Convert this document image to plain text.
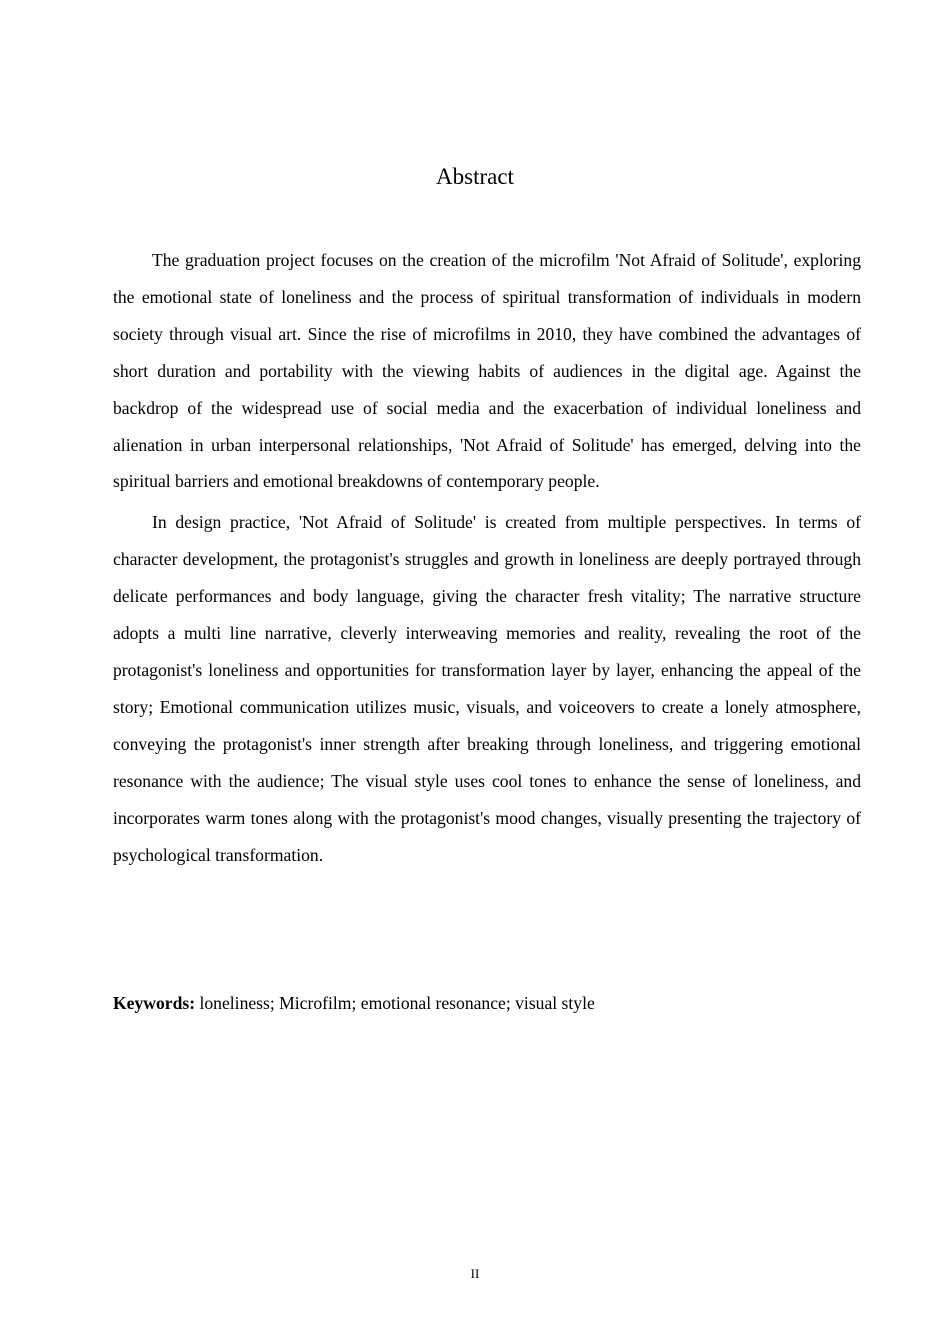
Abstract

The graduation project focuses on the creation of the microfilm 'Not Afraid of Solitude', exploring the emotional state of loneliness and the process of spiritual transformation of individuals in modern society through visual art. Since the rise of microfilms in 2010, they have combined the advantages of short duration and portability with the viewing habits of audiences in the digital age. Against the backdrop of the widespread use of social media and the exacerbation of individual loneliness and alienation in urban interpersonal relationships, 'Not Afraid of Solitude' has emerged, delving into the spiritual barriers and emotional breakdowns of contemporary people.

In design practice, 'Not Afraid of Solitude' is created from multiple perspectives. In terms of character development, the protagonist's struggles and growth in loneliness are deeply portrayed through delicate performances and body language, giving the character fresh vitality; The narrative structure adopts a multi line narrative, cleverly interweaving memories and reality, revealing the root of the protagonist's loneliness and opportunities for transformation layer by layer, enhancing the appeal of the story; Emotional communication utilizes music, visuals, and voiceovers to create a lonely atmosphere, conveying the protagonist's inner strength after breaking through loneliness, and triggering emotional resonance with the audience; The visual style uses cool tones to enhance the sense of loneliness, and incorporates warm tones along with the protagonist's mood changes, visually presenting the trajectory of psychological transformation.

Keywords: loneliness; Microfilm; emotional resonance; visual style

II
